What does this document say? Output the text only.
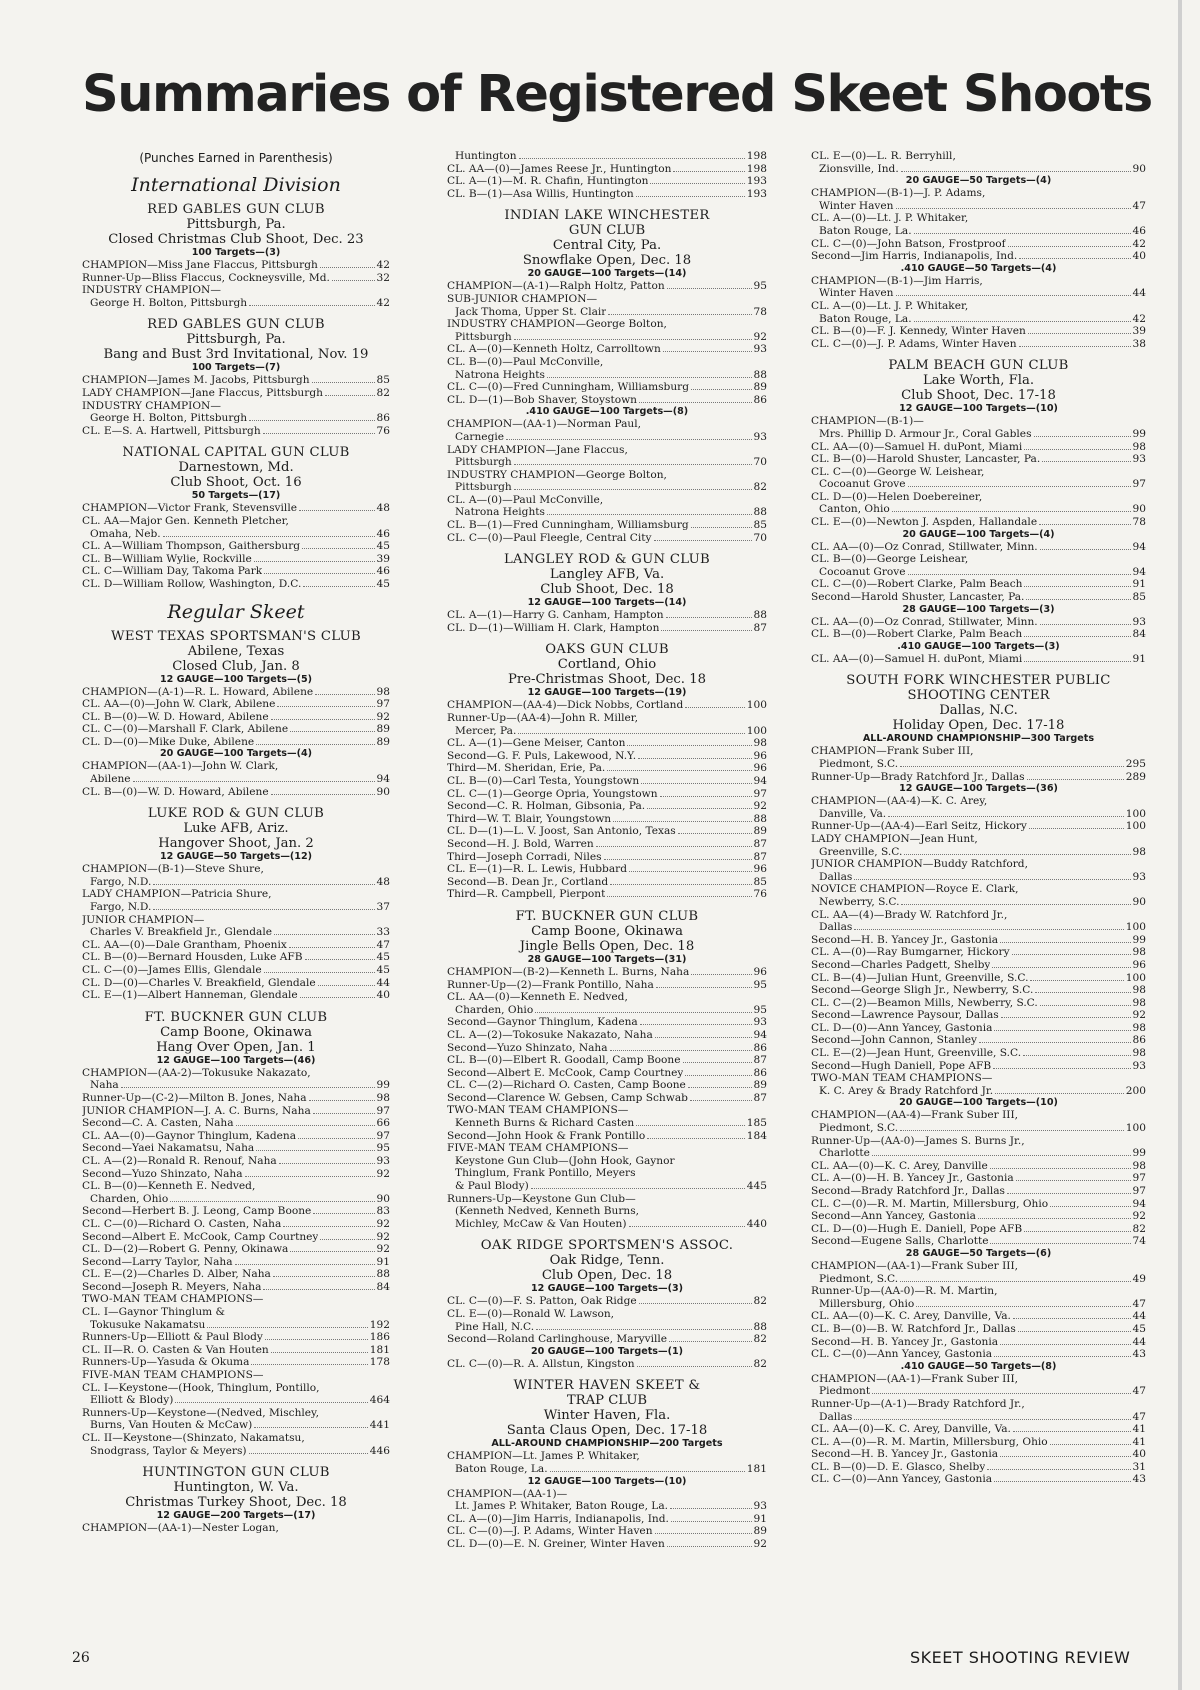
Summaries of Registered Skeet Shoots
(Punches Earned in Parenthesis)
International Division
RED GABLES GUN CLUB
Pittsburgh, Pa.
Closed Christmas Club Shoot, Dec. 23
100 Targets—(3)
CHAMPION—Miss Jane Flaccus, Pittsburgh	42
Runner-Up—Bliss Flaccus, Cockneysville, Md.	32
INDUSTRY CHAMPION—
George H. Bolton, Pittsburgh	42
RED GABLES GUN CLUB
Pittsburgh, Pa.
Bang and Bust 3rd Invitational, Nov. 19
100 Targets—(7)
CHAMPION—James M. Jacobs, Pittsburgh	85
LADY CHAMPION—Jane Flaccus, Pittsburgh	82
INDUSTRY CHAMPION—
George H. Bolton, Pittsburgh	86
CL. E—S. A. Hartwell, Pittsburgh	76
NATIONAL CAPITAL GUN CLUB
Darnestown, Md.
Club Shoot, Oct. 16
50 Targets—(17)
CHAMPION—Victor Frank, Stevensville	48
CL. AA—Major Gen. Kenneth Pletcher,
Omaha, Neb.	46
CL. A—William Thompson, Gaithersburg	45
CL. B—William Wylie, Rockville	39
CL. C—William Day, Takoma Park	46
CL. D—William Rollow, Washington, D.C.	45
Regular Skeet
WEST TEXAS SPORTSMAN'S CLUB
Abilene, Texas
Closed Club, Jan. 8
12 GAUGE—100 Targets—(5)
CHAMPION—(A-1)—R. L. Howard, Abilene	98
CL. AA—(0)—John W. Clark, Abilene	97
CL. B—(0)—W. D. Howard, Abilene	92
CL. C—(0)—Marshall F. Clark, Abilene	89
CL. D—(0)—Mike Duke, Abilene	89
20 GAUGE—100 Targets—(4)
CHAMPION—(AA-1)—John W. Clark,
Abilene	94
CL. B—(0)—W. D. Howard, Abilene	90
LUKE ROD & GUN CLUB
Luke AFB, Ariz.
Hangover Shoot, Jan. 2
12 GAUGE—50 Targets—(12)
CHAMPION—(B-1)—Steve Shure,
Fargo, N.D.	48
LADY CHAMPION—Patricia Shure,
Fargo, N.D.	37
JUNIOR CHAMPION—
Charles V. Breakfield Jr., Glendale	33
CL. AA—(0)—Dale Grantham, Phoenix	47
CL. B—(0)—Bernard Housden, Luke AFB	45
CL. C—(0)—James Ellis, Glendale	45
CL. D—(0)—Charles V. Breakfield, Glendale	44
CL. E—(1)—Albert Hanneman, Glendale	40
FT. BUCKNER GUN CLUB
Camp Boone, Okinawa
Hang Over Open, Jan. 1
12 GAUGE—100 Targets—(46)
CHAMPION—(AA-2)—Tokusuke Nakazato,
Naha	99
Runner-Up—(C-2)—Milton B. Jones, Naha	98
JUNIOR CHAMPION—J. A. C. Burns, Naha	97
Second—C. A. Casten, Naha	66
CL. AA—(0)—Gaynor Thinglum, Kadena	97
Second—Yaei Nakamatsu, Naha	95
CL. A—(2)—Ronald R. Renouf, Naha	93
Second—Yuzo Shinzato, Naha	92
CL. B—(0)—Kenneth E. Nedved,
Charden, Ohio	90
Second—Herbert B. J. Leong, Camp Boone	83
CL. C—(0)—Richard O. Casten, Naha	92
Second—Albert E. McCook, Camp Courtney	92
CL. D—(2)—Robert G. Penny, Okinawa	92
Second—Larry Taylor, Naha	91
CL. E—(2)—Charles D. Alber, Naha	88
Second—Joseph R. Meyers, Naha	84
TWO-MAN TEAM CHAMPIONS—
CL. I—Gaynor Thinglum &
Tokusuke Nakamatsu	192
Runners-Up—Elliott & Paul Blody	186
CL. II—R. O. Casten & Van Houten	181
Runners-Up—Yasuda & Okuma	178
FIVE-MAN TEAM CHAMPIONS—
CL. I—Keystone—(Hook, Thinglum, Pontillo,
Elliott & Blody)	464
Runners-Up—Keystone—(Nedved, Mischley,
Burns, Van Houten & McCaw)	441
CL. II—Keystone—(Shinzato, Nakamatsu,
Snodgrass, Taylor & Meyers)	446
HUNTINGTON GUN CLUB
Huntington, W. Va.
Christmas Turkey Shoot, Dec. 18
12 GAUGE—200 Targets—(17)
CHAMPION—(AA-1)—Nester Logan,
Huntington	198
CL. AA—(0)—James Reese Jr., Huntington	198
CL. A—(1)—M. R. Chafin, Huntington	193
CL. B—(1)—Asa Willis, Huntington	193
INDIAN LAKE WINCHESTER
GUN CLUB
Central City, Pa.
Snowflake Open, Dec. 18
20 GAUGE—100 Targets—(14)
CHAMPION—(A-1)—Ralph Holtz, Patton	95
SUB-JUNIOR CHAMPION—
Jack Thoma, Upper St. Clair	78
INDUSTRY CHAMPION—George Bolton,
Pittsburgh	92
CL. A—(0)—Kenneth Holtz, Carrolltown	93
CL. B—(0)—Paul McConville,
Natrona Heights	88
CL. C—(0)—Fred Cunningham, Williamsburg	89
CL. D—(1)—Bob Shaver, Stoystown	86
.410 GAUGE—100 Targets—(8)
CHAMPION—(AA-1)—Norman Paul,
Carnegie	93
LADY CHAMPION—Jane Flaccus,
Pittsburgh	70
INDUSTRY CHAMPION—George Bolton,
Pittsburgh	82
CL. A—(0)—Paul McConville,
Natrona Heights	88
CL. B—(1)—Fred Cunningham, Williamsburg	85
CL. C—(0)—Paul Fleegle, Central City	70
LANGLEY ROD & GUN CLUB
Langley AFB, Va.
Club Shoot, Dec. 18
12 GAUGE—100 Targets—(14)
CL. A—(1)—Harry G. Canham, Hampton	88
CL. D—(1)—William H. Clark, Hampton	87
OAKS GUN CLUB
Cortland, Ohio
Pre-Christmas Shoot, Dec. 18
12 GAUGE—100 Targets—(19)
CHAMPION—(AA-4)—Dick Nobbs, Cortland	100
Runner-Up—(AA-4)—John R. Miller,
Mercer, Pa.	100
CL. A—(1)—Gene Meiser, Canton	98
Second—G. F. Puls, Lakewood, N.Y.	96
Third—M. Sheridan, Erie, Pa.	96
CL. B—(0)—Carl Testa, Youngstown	94
CL. C—(1)—George Opria, Youngstown	97
Second—C. R. Holman, Gibsonia, Pa.	92
Third—W. T. Blair, Youngstown	88
CL. D—(1)—L. V. Joost, San Antonio, Texas	89
Second—H. J. Bold, Warren	87
Third—Joseph Corradi, Niles	87
CL. E—(1)—R. L. Lewis, Hubbard	96
Second—B. Dean Jr., Cortland	85
Third—R. Campbell, Pierpont	76
FT. BUCKNER GUN CLUB
Camp Boone, Okinawa
Jingle Bells Open, Dec. 18
28 GAUGE—100 Targets—(31)
CHAMPION—(B-2)—Kenneth L. Burns, Naha	96
Runner-Up—(2)—Frank Pontillo, Naha	95
CL. AA—(0)—Kenneth E. Nedved,
Charden, Ohio	95
Second—Gaynor Thinglum, Kadena	93
CL. A—(2)—Tokosuke Nakazato, Naha	94
Second—Yuzo Shinzato, Naha	86
CL. B—(0)—Elbert R. Goodall, Camp Boone	87
Second—Albert E. McCook, Camp Courtney	86
CL. C—(2)—Richard O. Casten, Camp Boone	89
Second—Clarence W. Gebsen, Camp Schwab	87
TWO-MAN TEAM CHAMPIONS—
Kenneth Burns & Richard Casten	185
Second—John Hook & Frank Pontillo	184
FIVE-MAN TEAM CHAMPIONS—
Keystone Gun Club—(John Hook, Gaynor
Thinglum, Frank Pontillo, Meyers
& Paul Blody)	445
Runners-Up—Keystone Gun Club—
(Kenneth Nedved, Kenneth Burns,
Michley, McCaw & Van Houten)	440
OAK RIDGE SPORTSMEN'S ASSOC.
Oak Ridge, Tenn.
Club Open, Dec. 18
12 GAUGE—100 Targets—(3)
CL. C—(0)—F. S. Patton, Oak Ridge	82
CL. E—(0)—Ronald W. Lawson,
Pine Hall, N.C.	88
Second—Roland Carlinghouse, Maryville	82
20 GAUGE—100 Targets—(1)
CL. C—(0)—R. A. Allstun, Kingston	82
WINTER HAVEN SKEET &
TRAP CLUB
Winter Haven, Fla.
Santa Claus Open, Dec. 17-18
ALL-AROUND CHAMPIONSHIP—200 Targets
CHAMPION—Lt. James P. Whitaker,
Baton Rouge, La.	181
12 GAUGE—100 Targets—(10)
CHAMPION—(AA-1)—
Lt. James P. Whitaker, Baton Rouge, La.	93
CL. A—(0)—Jim Harris, Indianapolis, Ind.	91
CL. C—(0)—J. P. Adams, Winter Haven	89
CL. D—(0)—E. N. Greiner, Winter Haven	92
CL. E—(0)—L. R. Berryhill,
Zionsville, Ind.	90
20 GAUGE—50 Targets—(4)
CHAMPION—(B-1)—J. P. Adams,
Winter Haven	47
CL. A—(0)—Lt. J. P. Whitaker,
Baton Rouge, La.	46
CL. C—(0)—John Batson, Frostproof	42
Second—Jim Harris, Indianapolis, Ind.	40
.410 GAUGE—50 Targets—(4)
CHAMPION—(B-1)—Jim Harris,
Winter Haven	44
CL. A—(0)—Lt. J. P. Whitaker,
Baton Rouge, La.	42
CL. B—(0)—F. J. Kennedy, Winter Haven	39
CL. C—(0)—J. P. Adams, Winter Haven	38
PALM BEACH GUN CLUB
Lake Worth, Fla.
Club Shoot, Dec. 17-18
12 GAUGE—100 Targets—(10)
CHAMPION—(B-1)—
Mrs. Phillip D. Armour Jr., Coral Gables	99
CL. AA—(0)—Samuel H. duPont, Miami	98
CL. B—(0)—Harold Shuster, Lancaster, Pa.	93
CL. C—(0)—George W. Leishear,
Cocoanut Grove	97
CL. D—(0)—Helen Doebereiner,
Canton, Ohio	90
CL. E—(0)—Newton J. Aspden, Hallandale	78
20 GAUGE—100 Targets—(4)
CL. AA—(0)—Oz Conrad, Stillwater, Minn.	94
CL. B—(0)—George Leishear,
Cocoanut Grove	94
CL. C—(0)—Robert Clarke, Palm Beach	91
Second—Harold Shuster, Lancaster, Pa.	85
28 GAUGE—100 Targets—(3)
CL. AA—(0)—Oz Conrad, Stillwater, Minn.	93
CL. B—(0)—Robert Clarke, Palm Beach	84
.410 GAUGE—100 Targets—(3)
CL. AA—(0)—Samuel H. duPont, Miami	91
SOUTH FORK WINCHESTER PUBLIC
SHOOTING CENTER
Dallas, N.C.
Holiday Open, Dec. 17-18
ALL-AROUND CHAMPIONSHIP—300 Targets
CHAMPION—Frank Suber III,
Piedmont, S.C.	295
Runner-Up—Brady Ratchford Jr., Dallas	289
12 GAUGE—100 Targets—(36)
CHAMPION—(AA-4)—K. C. Arey,
Danville, Va.	100
Runner-Up—(AA-4)—Earl Seitz, Hickory	100
LADY CHAMPION—Jean Hunt,
Greenville, S.C.	98
JUNIOR CHAMPION—Buddy Ratchford,
Dallas	93
NOVICE CHAMPION—Royce E. Clark,
Newberry, S.C.	90
CL. AA—(4)—Brady W. Ratchford Jr.,
Dallas	100
Second—H. B. Yancey Jr., Gastonia	99
CL. A—(0)—Ray Bumgarner, Hickory	98
Second—Charles Padgett, Shelby	96
CL. B—(4)—Julian Hunt, Greenville, S.C.	100
Second—George Sligh Jr., Newberry, S.C.	98
CL. C—(2)—Beamon Mills, Newberry, S.C.	98
Second—Lawrence Paysour, Dallas	92
CL. D—(0)—Ann Yancey, Gastonia	98
Second—John Cannon, Stanley	86
CL. E—(2)—Jean Hunt, Greenville, S.C.	98
Second—Hugh Daniell, Pope AFB	93
TWO-MAN TEAM CHAMPIONS—
K. C. Arey & Brady Ratchford Jr.	200
20 GAUGE—100 Targets—(10)
CHAMPION—(AA-4)—Frank Suber III,
Piedmont, S.C.	100
Runner-Up—(AA-0)—James S. Burns Jr.,
Charlotte	99
CL. AA—(0)—K. C. Arey, Danville	98
CL. A—(0)—H. B. Yancey Jr., Gastonia	97
Second—Brady Ratchford Jr., Dallas	97
CL. C—(0)—R. M. Martin, Millersburg, Ohio	94
Second—Ann Yancey, Gastonia	92
CL. D—(0)—Hugh E. Daniell, Pope AFB	82
Second—Eugene Salls, Charlotte	74
28 GAUGE—50 Targets—(6)
CHAMPION—(AA-1)—Frank Suber III,
Piedmont, S.C.	49
Runner-Up—(AA-0)—R. M. Martin,
Millersburg, Ohio	47
CL. AA—(0)—K. C. Arey, Danville, Va.	44
CL. B—(0)—B. W. Ratchford Jr., Dallas	45
Second—H. B. Yancey Jr., Gastonia	44
CL. C—(0)—Ann Yancey, Gastonia	43
.410 GAUGE—50 Targets—(8)
CHAMPION—(AA-1)—Frank Suber III,
Piedmont	47
Runner-Up—(A-1)—Brady Ratchford Jr.,
Dallas	47
CL. AA—(0)—K. C. Arey, Danville, Va.	41
CL. A—(0)—R. M. Martin, Millersburg, Ohio	41
Second—H. B. Yancey Jr., Gastonia	40
CL. B—(0)—D. E. Glasco, Shelby	31
CL. C—(0)—Ann Yancey, Gastonia	43
26	SKEET SHOOTING REVIEW
